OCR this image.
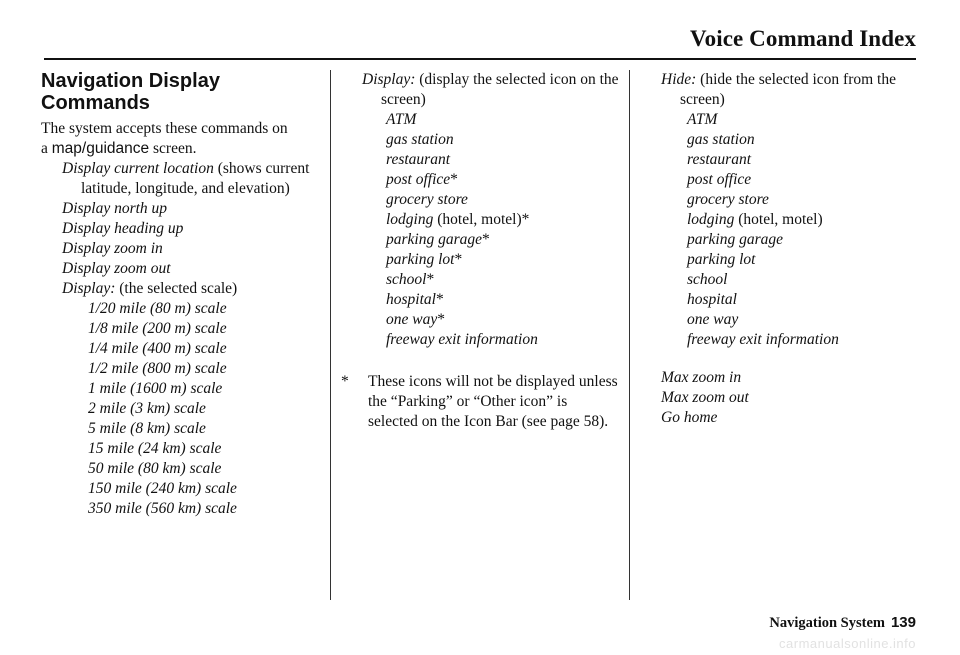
Voice Command Index
Navigation Display
Commands

The system accepts these commands on
a map/guidance screen.

Display current location (shows current latitude, longitude, and elevation)

Display north up

Display heading up

Display zoom in

Display zoom out

Display: (the selected scale)

1/20 mile (80 m) scale

1/8 mile (200 m) scale

1/4 mile (400 m) scale

1/2 mile (800 m) scale

1 mile (1600 m) scale

2 mile (3 km) scale

5 mile (8 km) scale

15 mile (24 km) scale

50 mile (80 km) scale

150 mile (240 km) scale

350 mile (560 km) scale

Display: (display the selected icon on the screen)

ATM

gas station

restaurant

post office*

grocery store

lodging (hotel, motel)*

parking garage*

parking lot*

school*

hospital*

one way*

freeway exit information

*	These icons will not be displayed unless the “Parking” or “Other icon” is selected on the Icon Bar (see page 58).

Hide: (hide the selected icon from the screen)

ATM

gas station

restaurant

post office

grocery store

lodging (hotel, motel)

parking garage

parking lot

school

hospital

one way

freeway exit information

Max zoom in

Max zoom out

Go home

Navigation System 139
carmanualsonline.info
